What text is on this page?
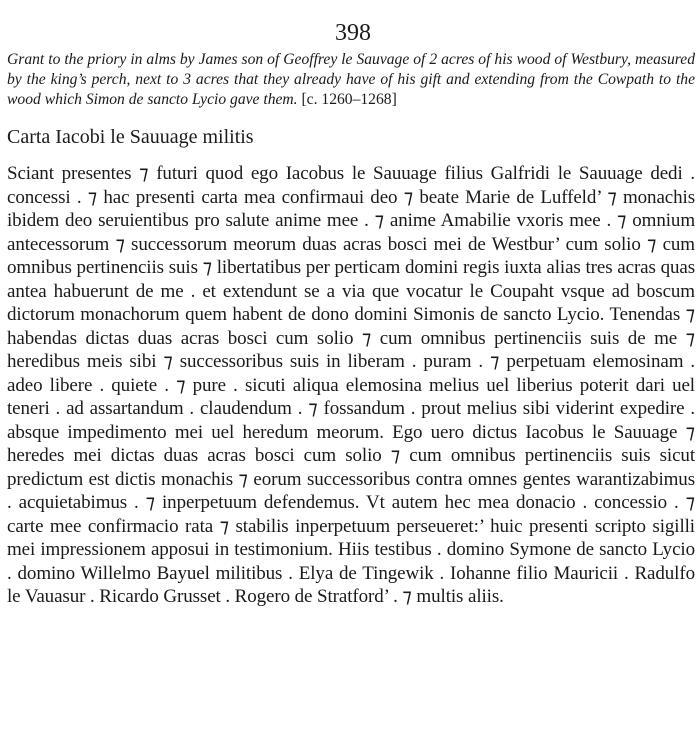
398

Grant to the priory in alms by James son of Geoffrey le Sauvage of 2 acres of his wood of Westbury, measured by the king’s perch, next to 3 acres that they already have of his gift and extending from the Cowpath to the wood which Simon de sancto Lycio gave them. [c. 1260–1268]

Carta Iacobi le Sauuage militis

Sciant presentes ⁊ futuri quod ego Iacobus le Sauuage filius Galfridi le Sauuage dedi . concessi . ⁊ hac presenti carta mea confirmaui deo ⁊ beate Marie de Luffeld’ ⁊ monachis ibidem deo seruientibus pro salute anime mee . ⁊ anime Amabilie vxoris mee . ⁊ omnium antecessorum ⁊ successorum meorum duas acras bosci mei de Westbur’ cum solio ⁊ cum omnibus pertinenciis suis ⁊ libertatibus per perticam domini regis iuxta alias tres acras quas antea habuerunt de me . et extendunt se a via que vocatur le Coupaht vsque ad boscum dictorum monachorum quem habent de dono domini Simonis de sancto Lycio. Tenendas ⁊ habendas dictas duas acras bosci cum solio ⁊ cum omnibus pertinenciis suis de me ⁊ heredibus meis sibi ⁊ successoribus suis in liberam . puram . ⁊ perpetuam elemosinam . adeo libere . quiete . ⁊ pure . sicuti aliqua elemosina melius uel liberius poterit dari uel teneri . ad assartandum . claudendum . ⁊ fossandum . prout melius sibi viderint expedire . absque impedimento mei uel heredum meorum. Ego uero dictus Iacobus le Sauuage ⁊ heredes mei dictas duas acras bosci cum solio ⁊ cum omnibus pertinenciis suis sicut predictum est dictis monachis ⁊ eorum successoribus contra omnes gentes warantizabimus . acquietabimus . ⁊ inperpetuum defendemus. Vt autem hec mea donacio . concessio . ⁊ carte mee confirmacio rata ⁊ stabilis inperpetuum perseueret:’ huic presenti scripto sigilli mei impressionem apposui in testimonium. Hiis testibus . domino Symone de sancto Lycio . domino Willelmo Bayuel militibus . Elya de Tingewik . Iohanne filio Mauricii . Radulfo le Vauasur . Ricardo Grusset . Rogero de Stratford’ . ⁊ multis aliis.
